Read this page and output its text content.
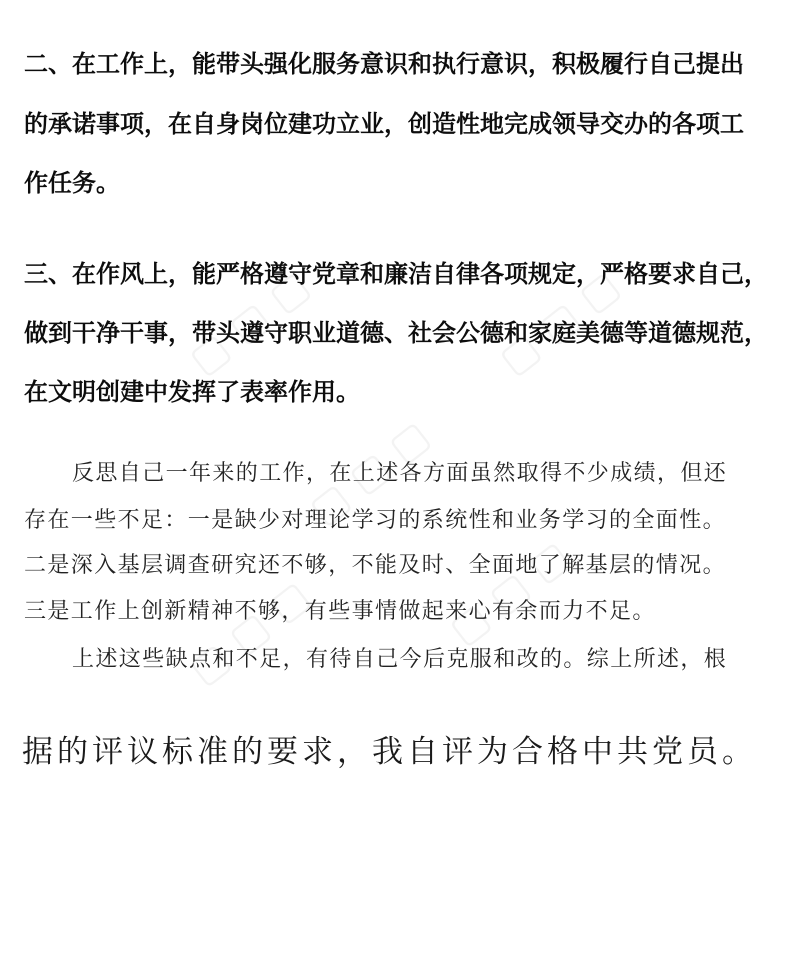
▢ ▢ ▢	▢ ▢ ▢
▢ ▢ ▢
▢ ▢ ▢	▢ ▢ ▢

二、在工作上，能带头强化服务意识和执行意识，积极履行自己提出

的承诺事项，在自身岗位建功立业，创造性地完成领导交办的各项工

作任务。

三、在作风上，能严格遵守党章和廉洁自律各项规定，严格要求自己，

做到干净干事，带头遵守职业道德、社会公德和家庭美德等道德规范，

在文明创建中发挥了表率作用。

反思自己一年来的工作，在上述各方面虽然取得不少成绩，但还

存在一些不足：一是缺少对理论学习的系统性和业务学习的全面性。

二是深入基层调查研究还不够，不能及时、全面地了解基层的情况。

三是工作上创新精神不够，有些事情做起来心有余而力不足。

上述这些缺点和不足，有待自己今后克服和改的。综上所述，根

据的评议标准的要求，我自评为合格中共党员。
